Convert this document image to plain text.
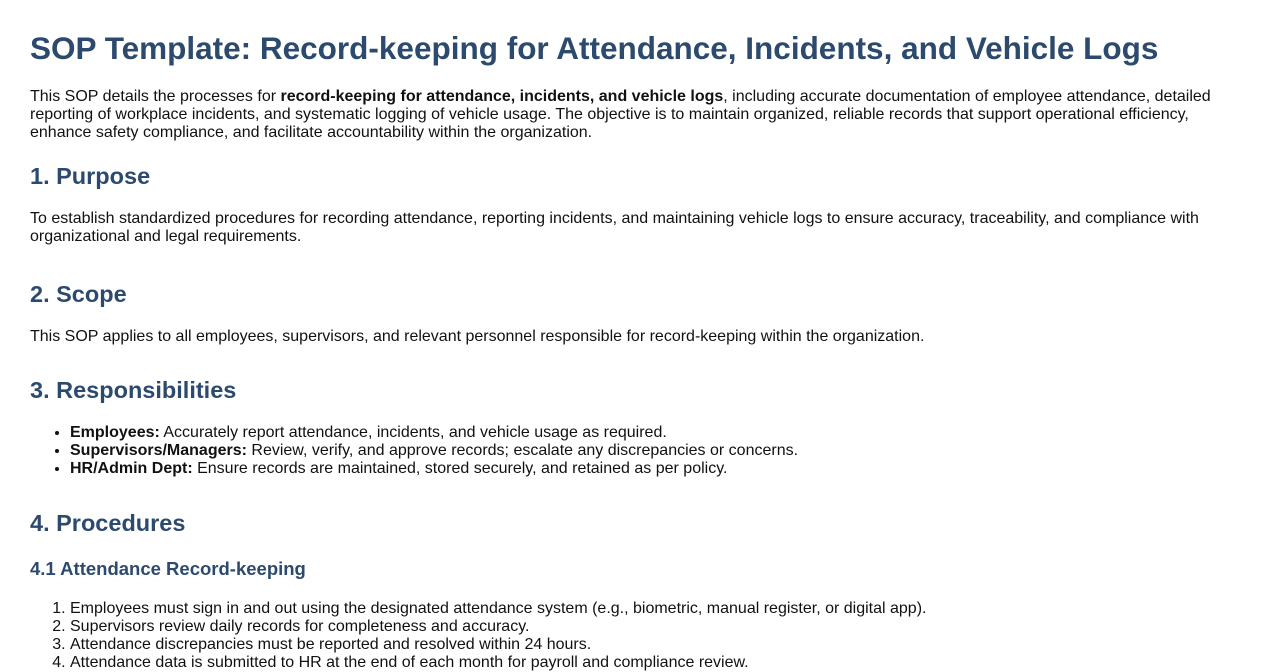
SOP Template: Record-keeping for Attendance, Incidents, and Vehicle Logs

This SOP details the processes for record-keeping for attendance, incidents, and vehicle logs, including accurate documentation of employee attendance, detailed reporting of workplace incidents, and systematic logging of vehicle usage. The objective is to maintain organized, reliable records that support operational efficiency, enhance safety compliance, and facilitate accountability within the organization.

1. Purpose

To establish standardized procedures for recording attendance, reporting incidents, and maintaining vehicle logs to ensure accuracy, traceability, and compliance with organizational and legal requirements.

2. Scope

This SOP applies to all employees, supervisors, and relevant personnel responsible for record-keeping within the organization.

3. Responsibilities
• Employees: Accurately report attendance, incidents, and vehicle usage as required.
• Supervisors/Managers: Review, verify, and approve records; escalate any discrepancies or concerns.
• HR/Admin Dept: Ensure records are maintained, stored securely, and retained as per policy.
4. Procedures
4.1 Attendance Record-keeping
1. Employees must sign in and out using the designated attendance system (e.g., biometric, manual register, or digital app).
2. Supervisors review daily records for completeness and accuracy.
3. Attendance discrepancies must be reported and resolved within 24 hours.
4. Attendance data is submitted to HR at the end of each month for payroll and compliance review.
